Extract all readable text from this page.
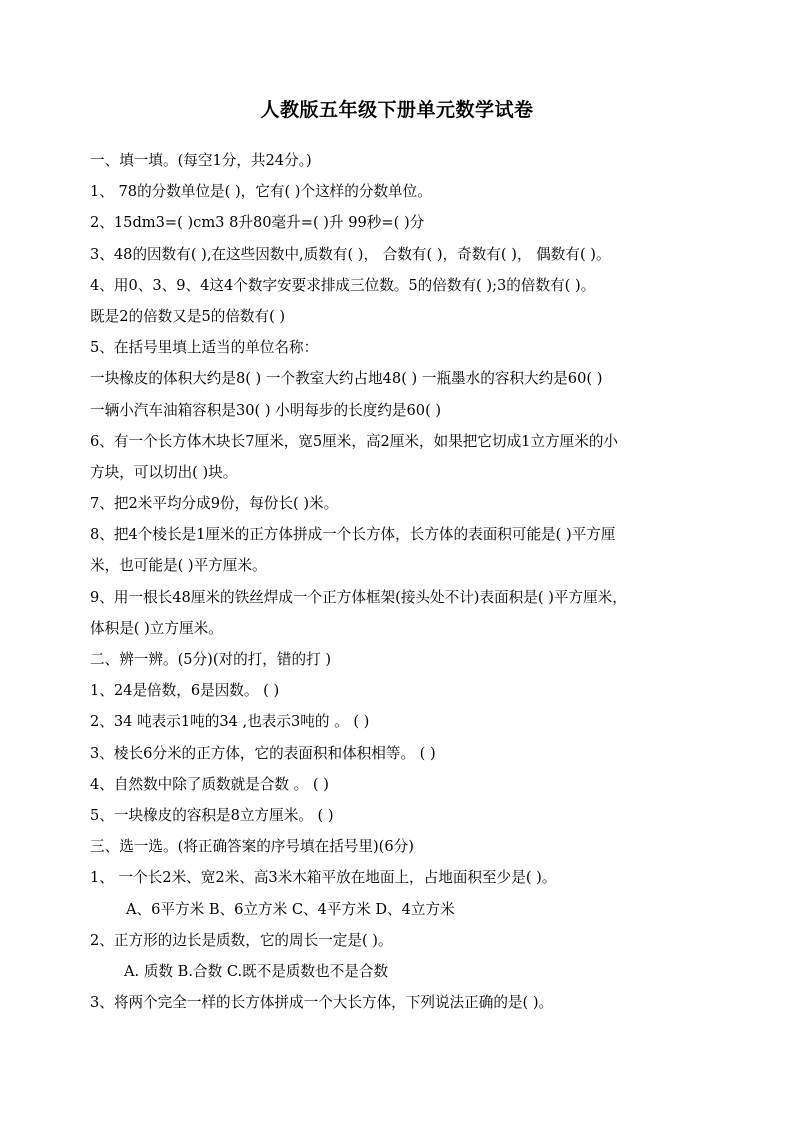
人教版五年级下册单元数学试卷
一、填一填。(每空1分，共24分。)
1、 78的分数单位是( )，它有( )个这样的分数单位。
2、15dm3=( )cm3 8升80毫升=( )升 99秒=( )分
3、48的因数有( ),在这些因数中,质数有( )， 合数有( )，奇数有( )， 偶数有( )。
4、用0、3、9、4这4个数字安要求排成三位数。5的倍数有( );3的倍数有( )。
既是2的倍数又是5的倍数有( )
5、在括号里填上适当的单位名称：
一块橡皮的体积大约是8( ) 一个教室大约占地48( ) 一瓶墨水的容积大约是60( )
一辆小汽车油箱容积是30( ) 小明每步的长度约是60( )
6、有一个长方体木块长7厘米，宽5厘米，高2厘米，如果把它切成1立方厘米的小
方块，可以切出( )块。
7、把2米平均分成9份，每份长( )米。
8、把4个棱长是1厘米的正方体拼成一个长方体，长方体的表面积可能是( )平方厘
米，也可能是( )平方厘米。
9、用一根长48厘米的铁丝焊成一个正方体框架(接头处不计)表面积是( )平方厘米，
体积是( )立方厘米。
二、辨一辨。(5分)(对的打，错的打 )
1、24是倍数，6是因数。 ( )
2、34 吨表示1吨的34 ,也表示3吨的 。 ( )
3、棱长6分米的正方体，它的表面积和体积相等。 ( )
4、自然数中除了质数就是合数 。 ( )
5、一块橡皮的容积是8立方厘米。 ( )
三、选一选。(将正确答案的序号填在括号里)(6分)
1、 一个长2米、宽2米、高3米木箱平放在地面上，占地面积至少是( )。
A、6平方米 B、6立方米 C、4平方米 D、4立方米
2、正方形的边长是质数，它的周长一定是( )。
A. 质数 B.合数 C.既不是质数也不是合数
3、将两个完全一样的长方体拼成一个大长方体，下列说法正确的是( )。
